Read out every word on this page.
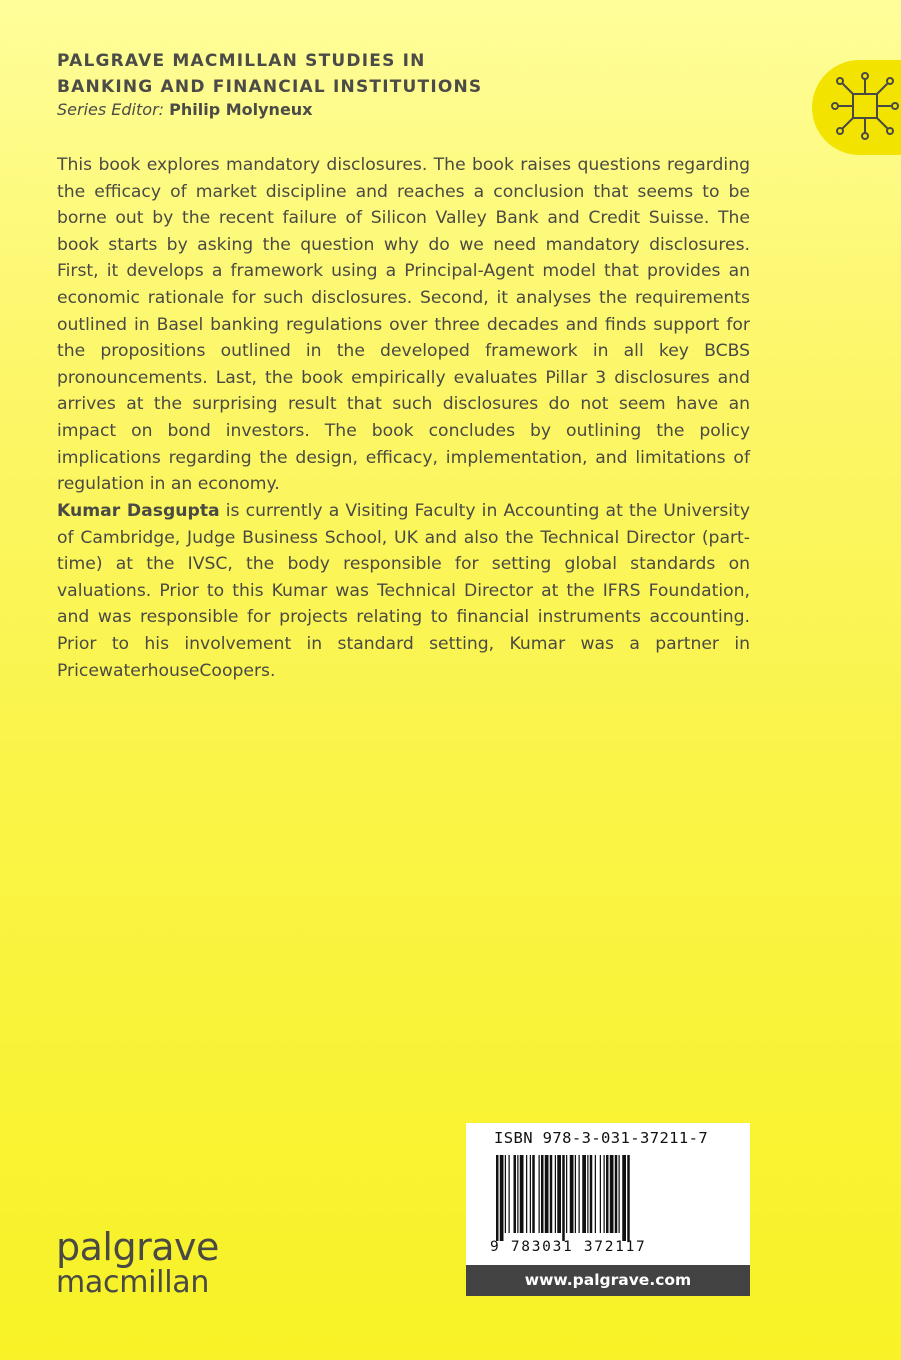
PALGRAVE MACMILLAN STUDIES IN
BANKING AND FINANCIAL INSTITUTIONS
Series Editor: Philip Molyneux

This book explores mandatory disclosures. The book raises questions regarding the efficacy of market discipline and reaches a conclusion that seems to be borne out by the recent failure of Silicon Valley Bank and Credit Suisse. The book starts by asking the question why do we need mandatory disclosures. First, it develops a framework using a Principal-Agent model that provides an economic rationale for such disclosures. Second, it analyses the requirements outlined in Basel banking regulations over three decades and finds support for the propositions outlined in the developed framework in all key BCBS pronouncements. Last, the book empirically evaluates Pillar 3 disclosures and arrives at the surprising result that such disclosures do not seem have an impact on bond investors. The book concludes by outlining the policy implications regarding the design, efficacy, implementation, and limitations of regulation in an economy.

Kumar Dasgupta is currently a Visiting Faculty in Accounting at the University of Cambridge, Judge Business School, UK and also the Technical Director (part-time) at the IVSC, the body responsible for setting global standards on valuations. Prior to this Kumar was Technical Director at the IFRS Foundation, and was responsible for projects relating to financial instruments accounting. Prior to his involvement in standard setting, Kumar was a partner in PricewaterhouseCoopers.

ISBN 978-3-031-37211-7
9 783031 372117
www.palgrave.com
palgrave
macmillan
